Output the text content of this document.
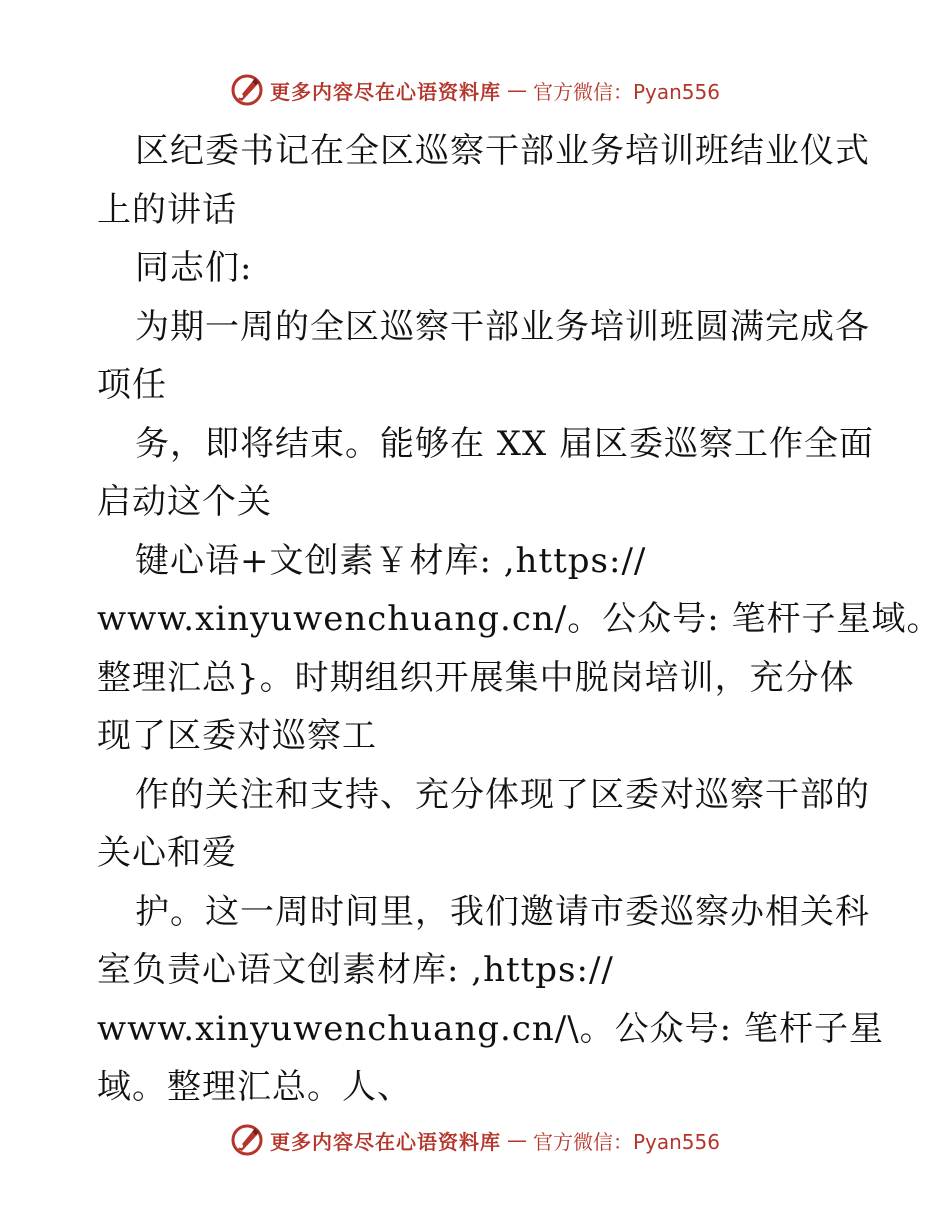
更多内容尽在心语资料库 — 官方微信：Pyan556
区纪委书记在全区巡察干部业务培训班结业仪式
上的讲话
同志们:
为期一周的全区巡察干部业务培训班圆满完成各
项任
务，即将结束。能够在 XX 届区委巡察工作全面
启动这个关
键心语+文创素￥材库: ,https://
www.xinyuwenchuang.cn/。公众号: 笔杆子星域。
整理汇总}。时期组织开展集中脱岗培训，充分体
现了区委对巡察工
作的关注和支持、充分体现了区委对巡察干部的
关心和爱
护。这一周时间里，我们邀请市委巡察办相关科
室负责心语文创素材库: ,https://
www.xinyuwenchuang.cn/\。公众号: 笔杆子星
域。整理汇总。人、
更多内容尽在心语资料库 — 官方微信：Pyan556
